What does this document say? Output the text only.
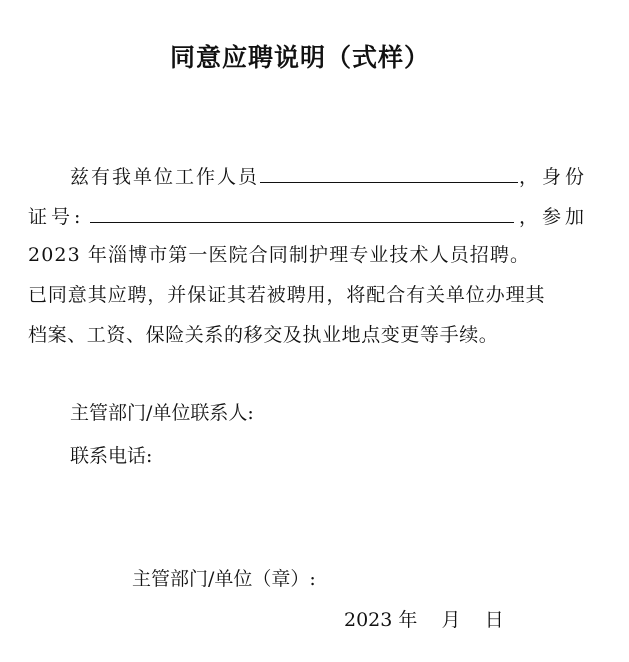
同意应聘说明（式样）
兹有我单位工作人员	，身份
证号:	，参加
2023 年淄博市第一医院合同制护理专业技术人员招聘。
已同意其应聘，并保证其若被聘用，将配合有关单位办理其
档案、工资、保险关系的移交及执业地点变更等手续。
主管部门/单位联系人:
联系电话:
主管部门/单位（章）:
2023 年    月    日
